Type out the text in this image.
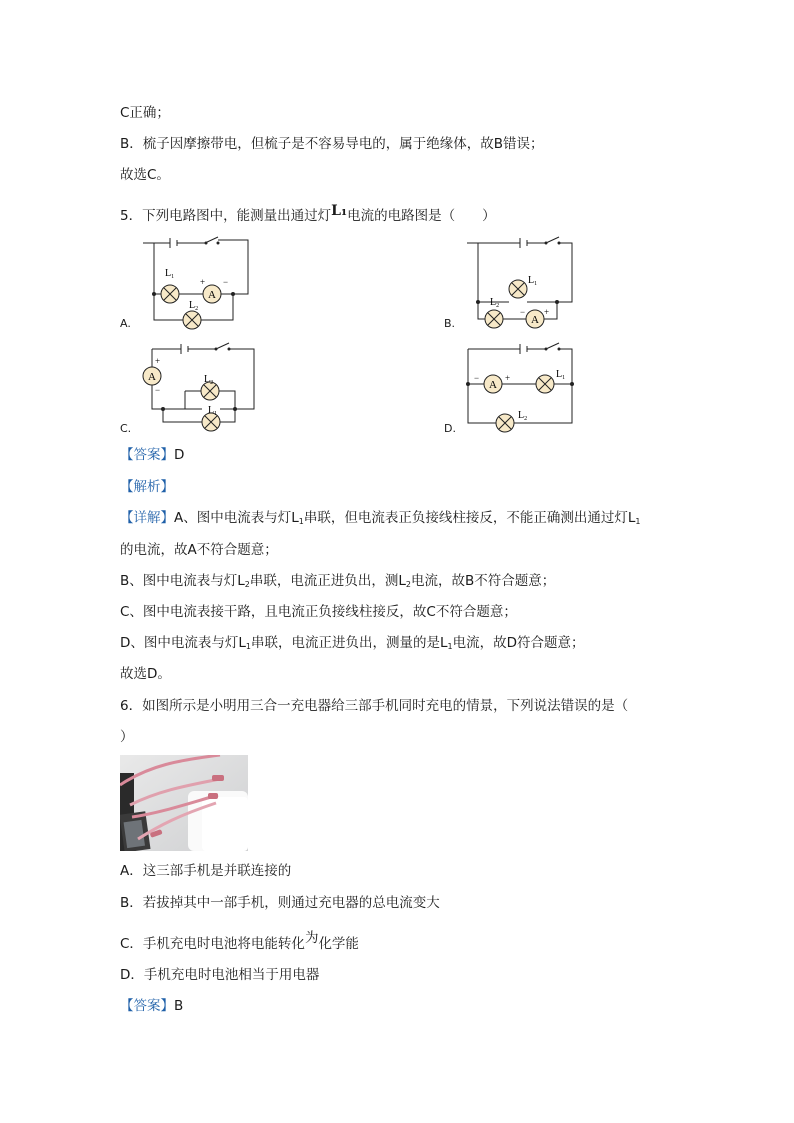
C正确；
B．梳子因摩擦带电，但梳子是不容易导电的，属于绝缘体，故B错误；
故选C。
5．下列电路图中，能测量出通过灯L₁电流的电路图是（　　）
A
$L_1$
$L_2$
+ −
A.	A
$L_1$
$L_2$
− +
B.
A
+
−
$L_2$
$L_1$
C.
A
−	+	$L_1$
$L_2$
D.
【答案】D
【解析】
【详解】A、图中电流表与灯$L_1$串联，但电流表正负接线柱接反，不能正确测出通过灯$L_1$
的电流，故A不符合题意；
B、图中电流表与灯$L_2$串联，电流正进负出，测$L_2$电流，故B不符合题意；
C、图中电流表接干路，且电流正负接线柱接反，故C不符合题意；
D、图中电流表与灯$L_1$串联，电流正进负出，测量的是$L_1$电流，故D符合题意；
故选D。
6．如图所示是小明用三合一充电器给三部手机同时充电的情景，下列说法错误的是（
）
A．这三部手机是并联连接的
B．若拔掉其中一部手机，则通过充电器的总电流变大
C．手机充电时电池将电能转化为化学能
D．手机充电时电池相当于用电器
【答案】B
